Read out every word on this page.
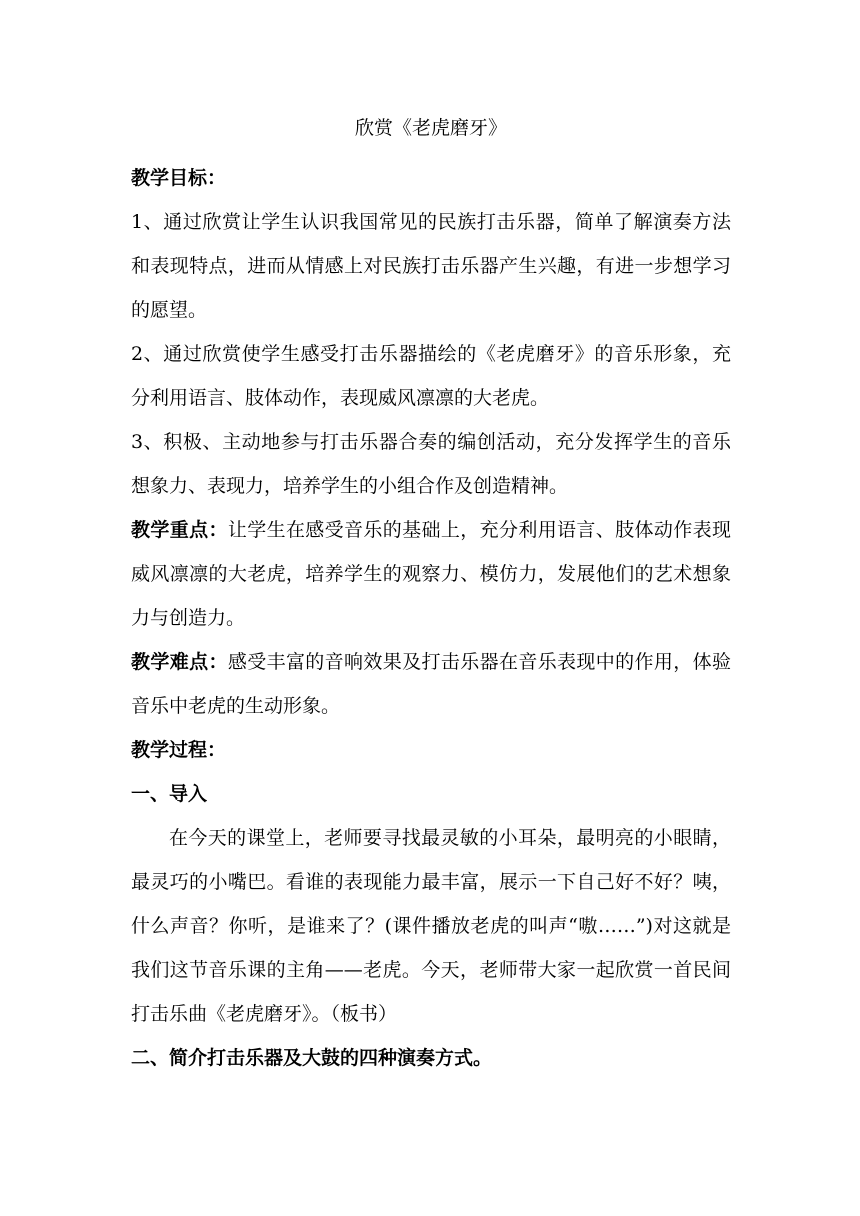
欣赏《老虎磨牙》

教学目标：

1、通过欣赏让学生认识我国常见的民族打击乐器，简单了解演奏方法和表现特点，进而从情感上对民族打击乐器产生兴趣，有进一步想学习的愿望。

2、通过欣赏使学生感受打击乐器描绘的《老虎磨牙》的音乐形象，充分利用语言、肢体动作，表现威风凛凛的大老虎。

3、积极、主动地参与打击乐器合奏的编创活动，充分发挥学生的音乐想象力、表现力，培养学生的小组合作及创造精神。

教学重点：让学生在感受音乐的基础上，充分利用语言、肢体动作表现威风凛凛的大老虎，培养学生的观察力、模仿力，发展他们的艺术想象力与创造力。

教学难点：感受丰富的音响效果及打击乐器在音乐表现中的作用，体验音乐中老虎的生动形象。

教学过程：

一、导入

在今天的课堂上，老师要寻找最灵敏的小耳朵，最明亮的小眼睛，最灵巧的小嘴巴。看谁的表现能力最丰富，展示一下自己好不好？咦，什么声音？你听，是谁来了？(课件播放老虎的叫声“嗷……”)对这就是我们这节音乐课的主角——老虎。今天，老师带大家一起欣赏一首民间打击乐曲《老虎磨牙》。（板书）

二、简介打击乐器及大鼓的四种演奏方式。
